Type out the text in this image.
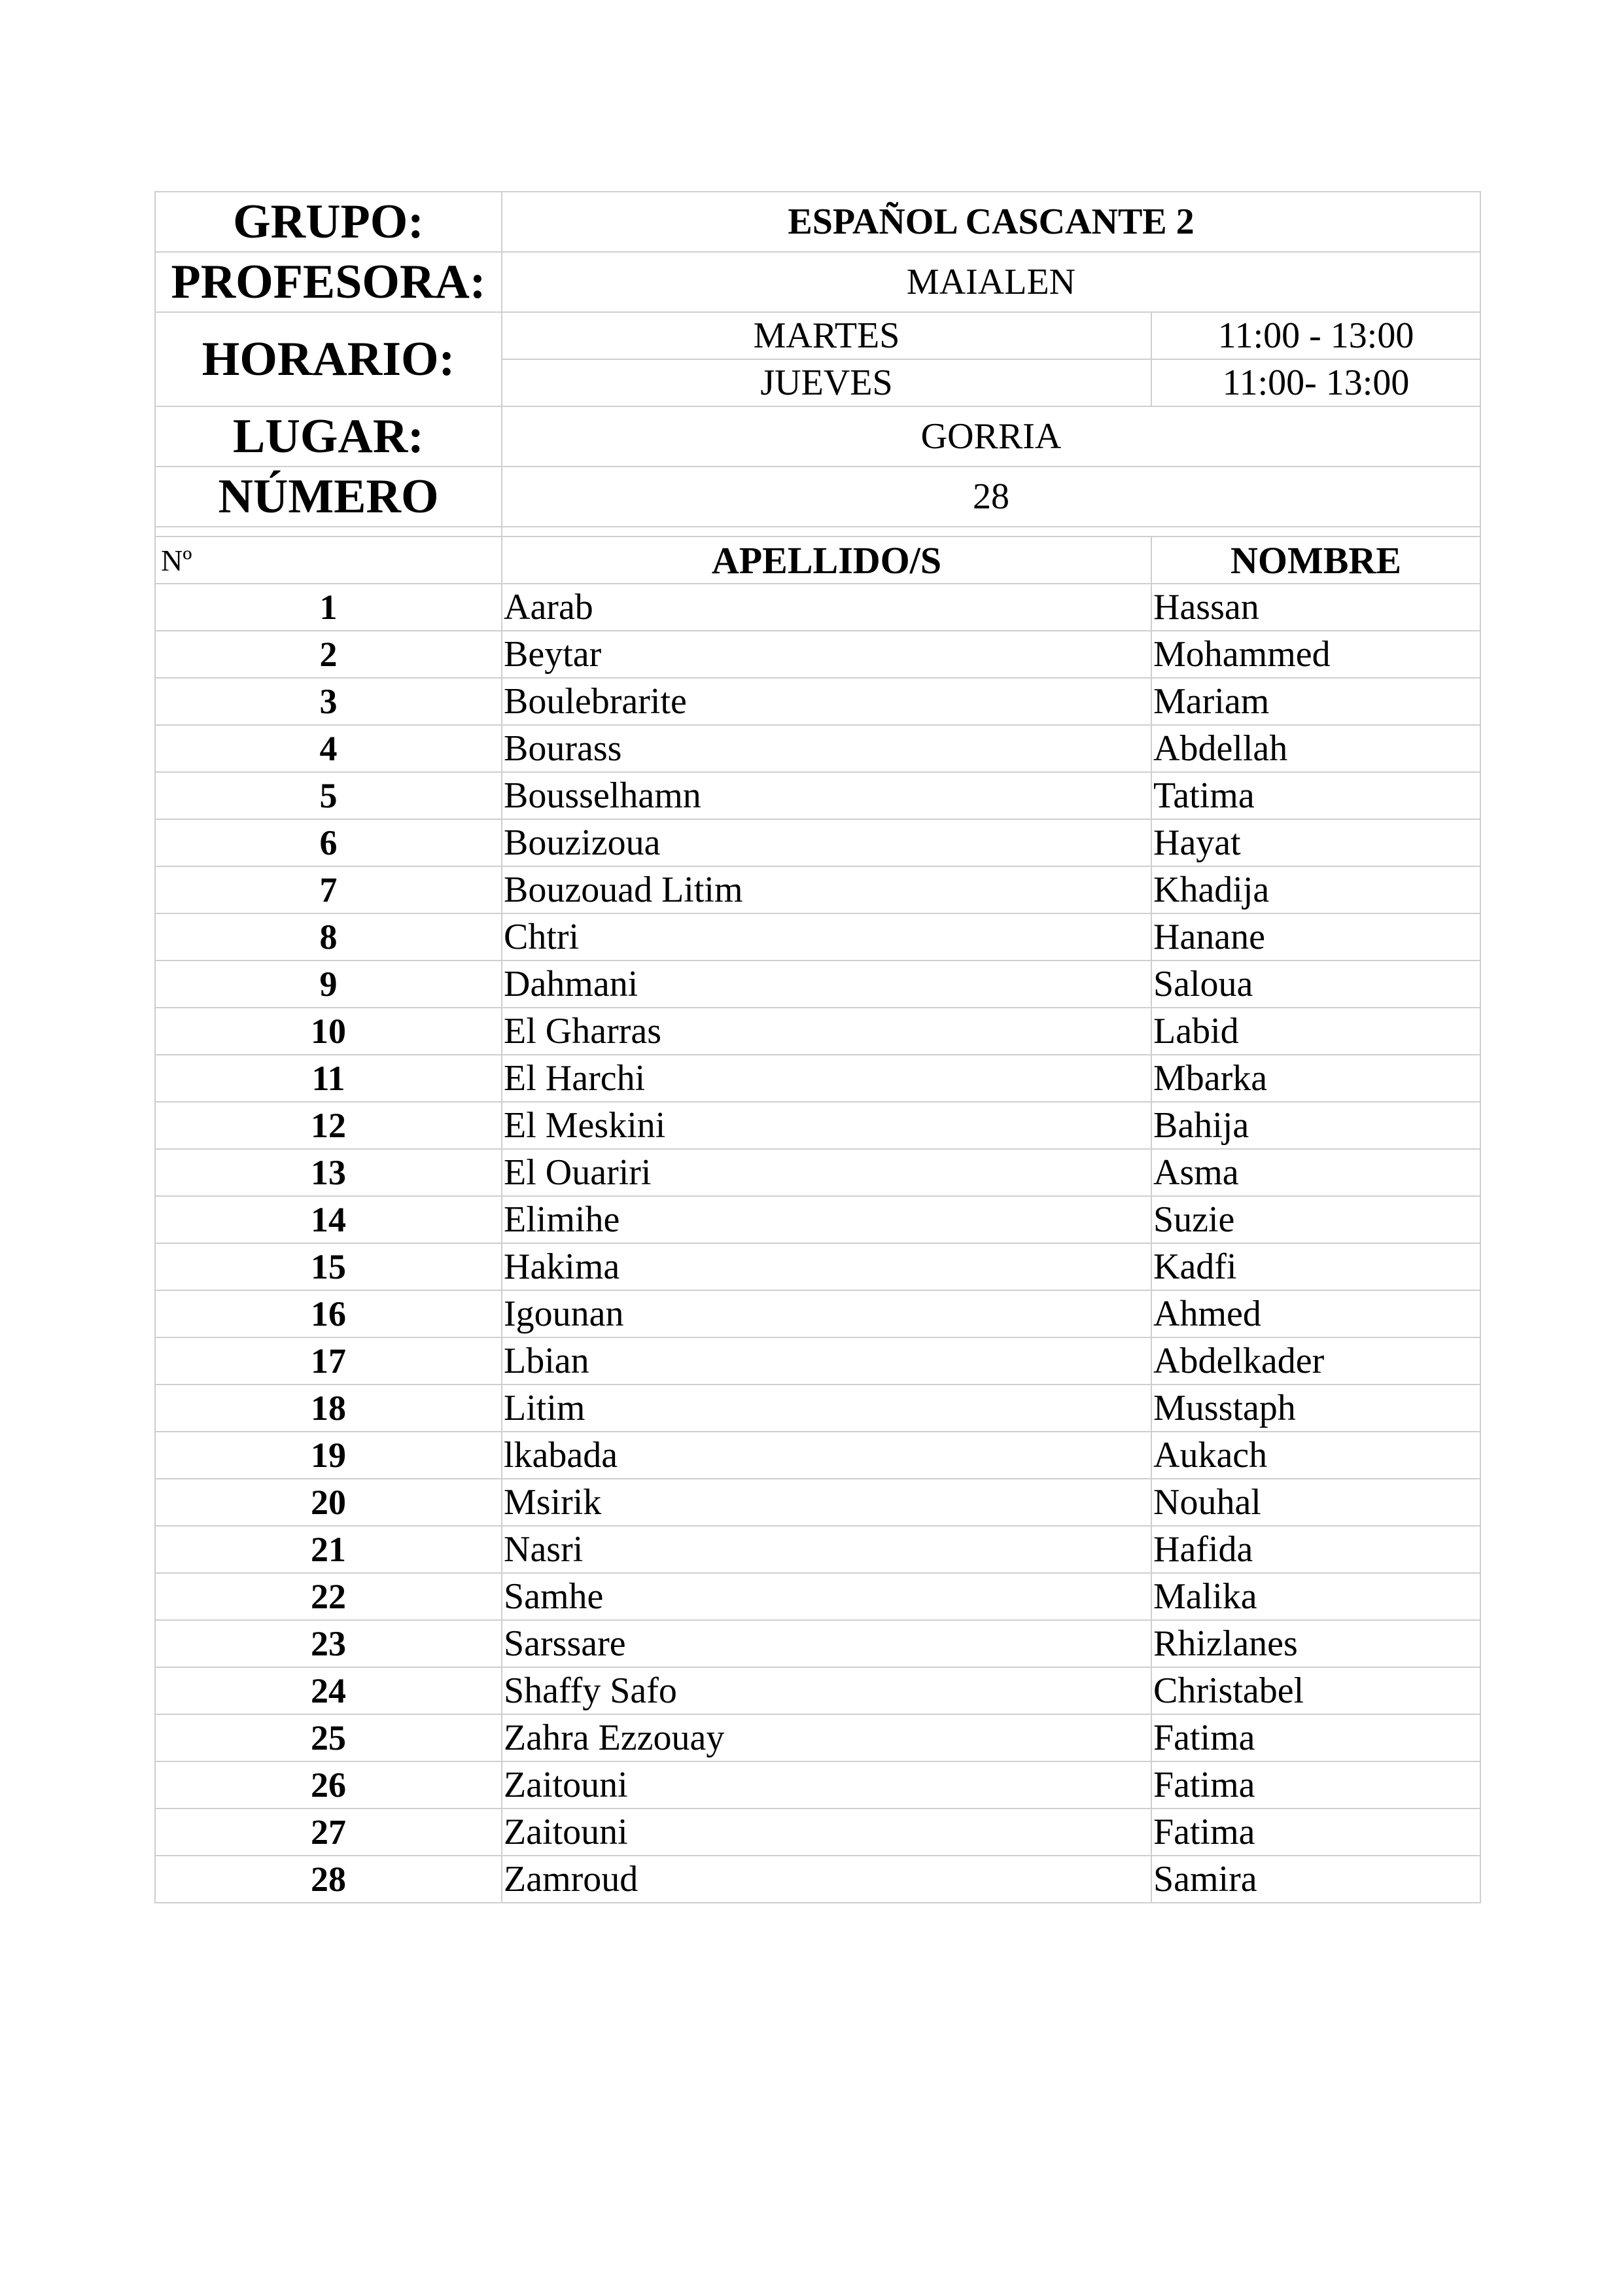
GRUPO:	ESPAÑOL CASCANTE 2	
PROFESORA:	MAIALEN	
HORARIO:	MARTES	11:00 - 13:00
	JUEVES	11:00- 13:00
LUGAR:	GORRIA	
NÚMERO	28	

Nº	APELLIDO/S	NOMBRE
1	Aarab	Hassan
2	Beytar	Mohammed
3	Boulebrarite	Mariam
4	Bourass	Abdellah
5	Bousselhamn	Tatima
6	Bouzizoua	Hayat
7	Bouzouad Litim	Khadija
8	Chtri	Hanane
9	Dahmani	Saloua
10	El Gharras	Labid
11	El Harchi	Mbarka
12	El Meskini	Bahija
13	El Ouariri	Asma
14	Elimihe	Suzie
15	Hakima	Kadfi
16	Igounan	Ahmed
17	Lbian	Abdelkader
18	Litim	Musstaph
19	lkabada	Aukach
20	Msirik	Nouhal
21	Nasri	Hafida
22	Samhe	Malika
23	Sarssare	Rhizlanes
24	Shaffy Safo	Christabel
25	Zahra Ezzouay	Fatima
26	Zaitouni	Fatima
27	Zaitouni	Fatima
28	Zamroud	Samira
